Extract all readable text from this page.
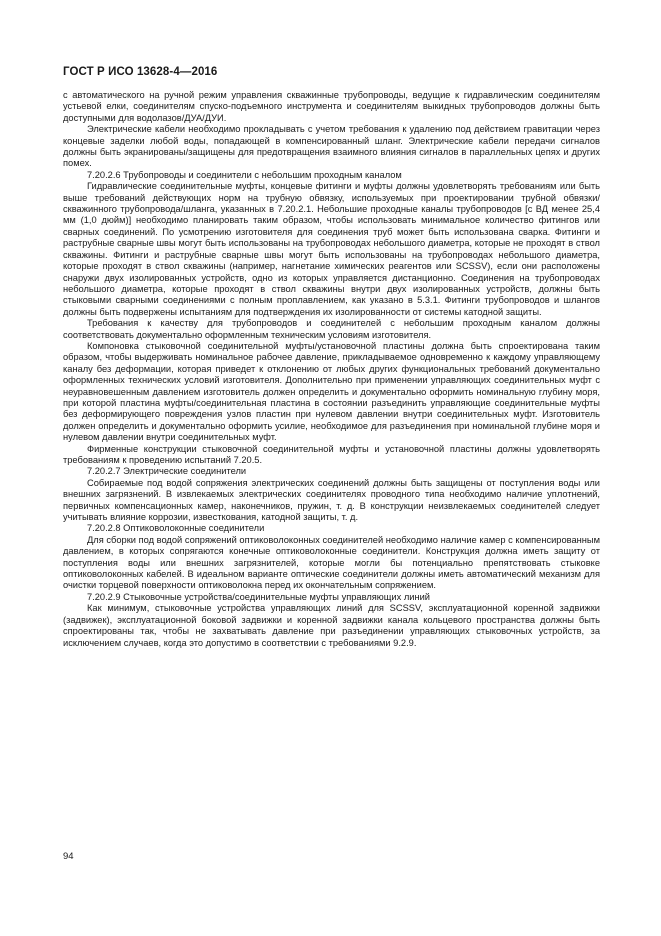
ГОСТ Р ИСО 13628-4—2016

с автоматического на ручной режим управления скважинные трубопроводы, ведущие к гидравлическим соединителям устьевой елки, соединителям спуско-подъемного инструмента и соединителям выкидных трубопроводов должны быть доступными для водолазов/ДУА/ДУИ.

Электрические кабели необходимо прокладывать с учетом требования к удалению под действием гравитации через концевые заделки любой воды, попадающей в компенсированный шланг. Электрические кабели передачи сигналов должны быть экранированы/защищены для предотвращения взаимного влияния сигналов в параллельных цепях и других помех.

7.20.2.6 Трубопроводы и соединители с небольшим проходным каналом

Гидравлические соединительные муфты, концевые фитинги и муфты должны удовлетворять требованиям или быть выше требований действующих норм на трубную обвязку, используемых при проектировании трубной обвязки/скважинного трубопровода/шланга, указанных в 7.20.2.1. Небольшие проходные каналы трубопроводов [с ВД менее 25,4 мм (1,0 дюйм)] необходимо планировать таким образом, чтобы использовать минимальное количество фитингов или сварных соединений. По усмотрению изготовителя для соединения труб может быть использована сварка. Фитинги и раструбные сварные швы могут быть использованы на трубопроводах небольшого диаметра, которые не проходят в ствол скважины. Фитинги и раструбные сварные швы могут быть использованы на трубопроводах небольшого диаметра, которые проходят в ствол скважины (например, нагнетание химических реагентов или SCSSV), если они расположены снаружи двух изолированных устройств, одно из которых управляется дистанционно. Соединения на трубопроводах небольшого диаметра, которые проходят в ствол скважины внутри двух изолированных устройств, должны быть стыковыми сварными соединениями с полным проплавлением, как указано в 5.3.1. Фитинги трубопроводов и шлангов должны быть подвержены испытаниям для подтверждения их изолированности от системы катодной защиты.

Требования к качеству для трубопроводов и соединителей с небольшим проходным каналом должны соответствовать документально оформленным техническим условиям изготовителя.

Компоновка стыковочной соединительной муфты/установочной пластины должна быть спроектирована таким образом, чтобы выдерживать номинальное рабочее давление, прикладываемое одновременно к каждому управляющему каналу без деформации, которая приведет к отклонению от любых других функциональных требований документально оформленных технических условий изготовителя. Дополнительно при применении управляющих соединительных муфт с неуравновешенным давлением изготовитель должен определить и документально оформить номинальную глубину моря, при которой пластина муфты/соединительная пластина в состоянии разъединить управляющие соединительные муфты без деформирующего повреждения узлов пластин при нулевом давлении внутри соединительных муфт. Изготовитель должен определить и документально оформить усилие, необходимое для разъединения при номинальной глубине моря и нулевом давлении внутри соединительных муфт.

Фирменные конструкции стыковочной соединительной муфты и установочной пластины должны удовлетворять требованиям к проведению испытаний 7.20.5.

7.20.2.7 Электрические соединители

Собираемые под водой сопряжения электрических соединений должны быть защищены от поступления воды или внешних загрязнений. В извлекаемых электрических соединителях проводного типа необходимо наличие уплотнений, первичных компенсационных камер, наконечников, пружин, т. д. В конструкции неизвлекаемых соединителей следует учитывать влияние коррозии, известкования, катодной защиты, т. д.

7.20.2.8 Оптиковолоконные соединители

Для сборки под водой сопряжений оптиковолоконных соединителей необходимо наличие камер с компенсированным давлением, в которых сопрягаются конечные оптиковолоконные соединители. Конструкция должна иметь защиту от поступления воды или внешних загрязнителей, которые могли бы потенциально препятствовать стыковке оптиковолоконных кабелей. В идеальном варианте оптические соединители должны иметь автоматический механизм для очистки торцевой поверхности оптиковолокна перед их окончательным сопряжением.

7.20.2.9 Стыковочные устройства/соединительные муфты управляющих линий

Как минимум, стыковочные устройства управляющих линий для SCSSV, эксплуатационной коренной задвижки (задвижек), эксплуатационной боковой задвижки и коренной задвижки канала кольцевого пространства должны быть спроектированы так, чтобы не захватывать давление при разъединении управляющих стыковочных устройств, за исключением случаев, когда это допустимо в соответствии с требованиями 9.2.9.

94
